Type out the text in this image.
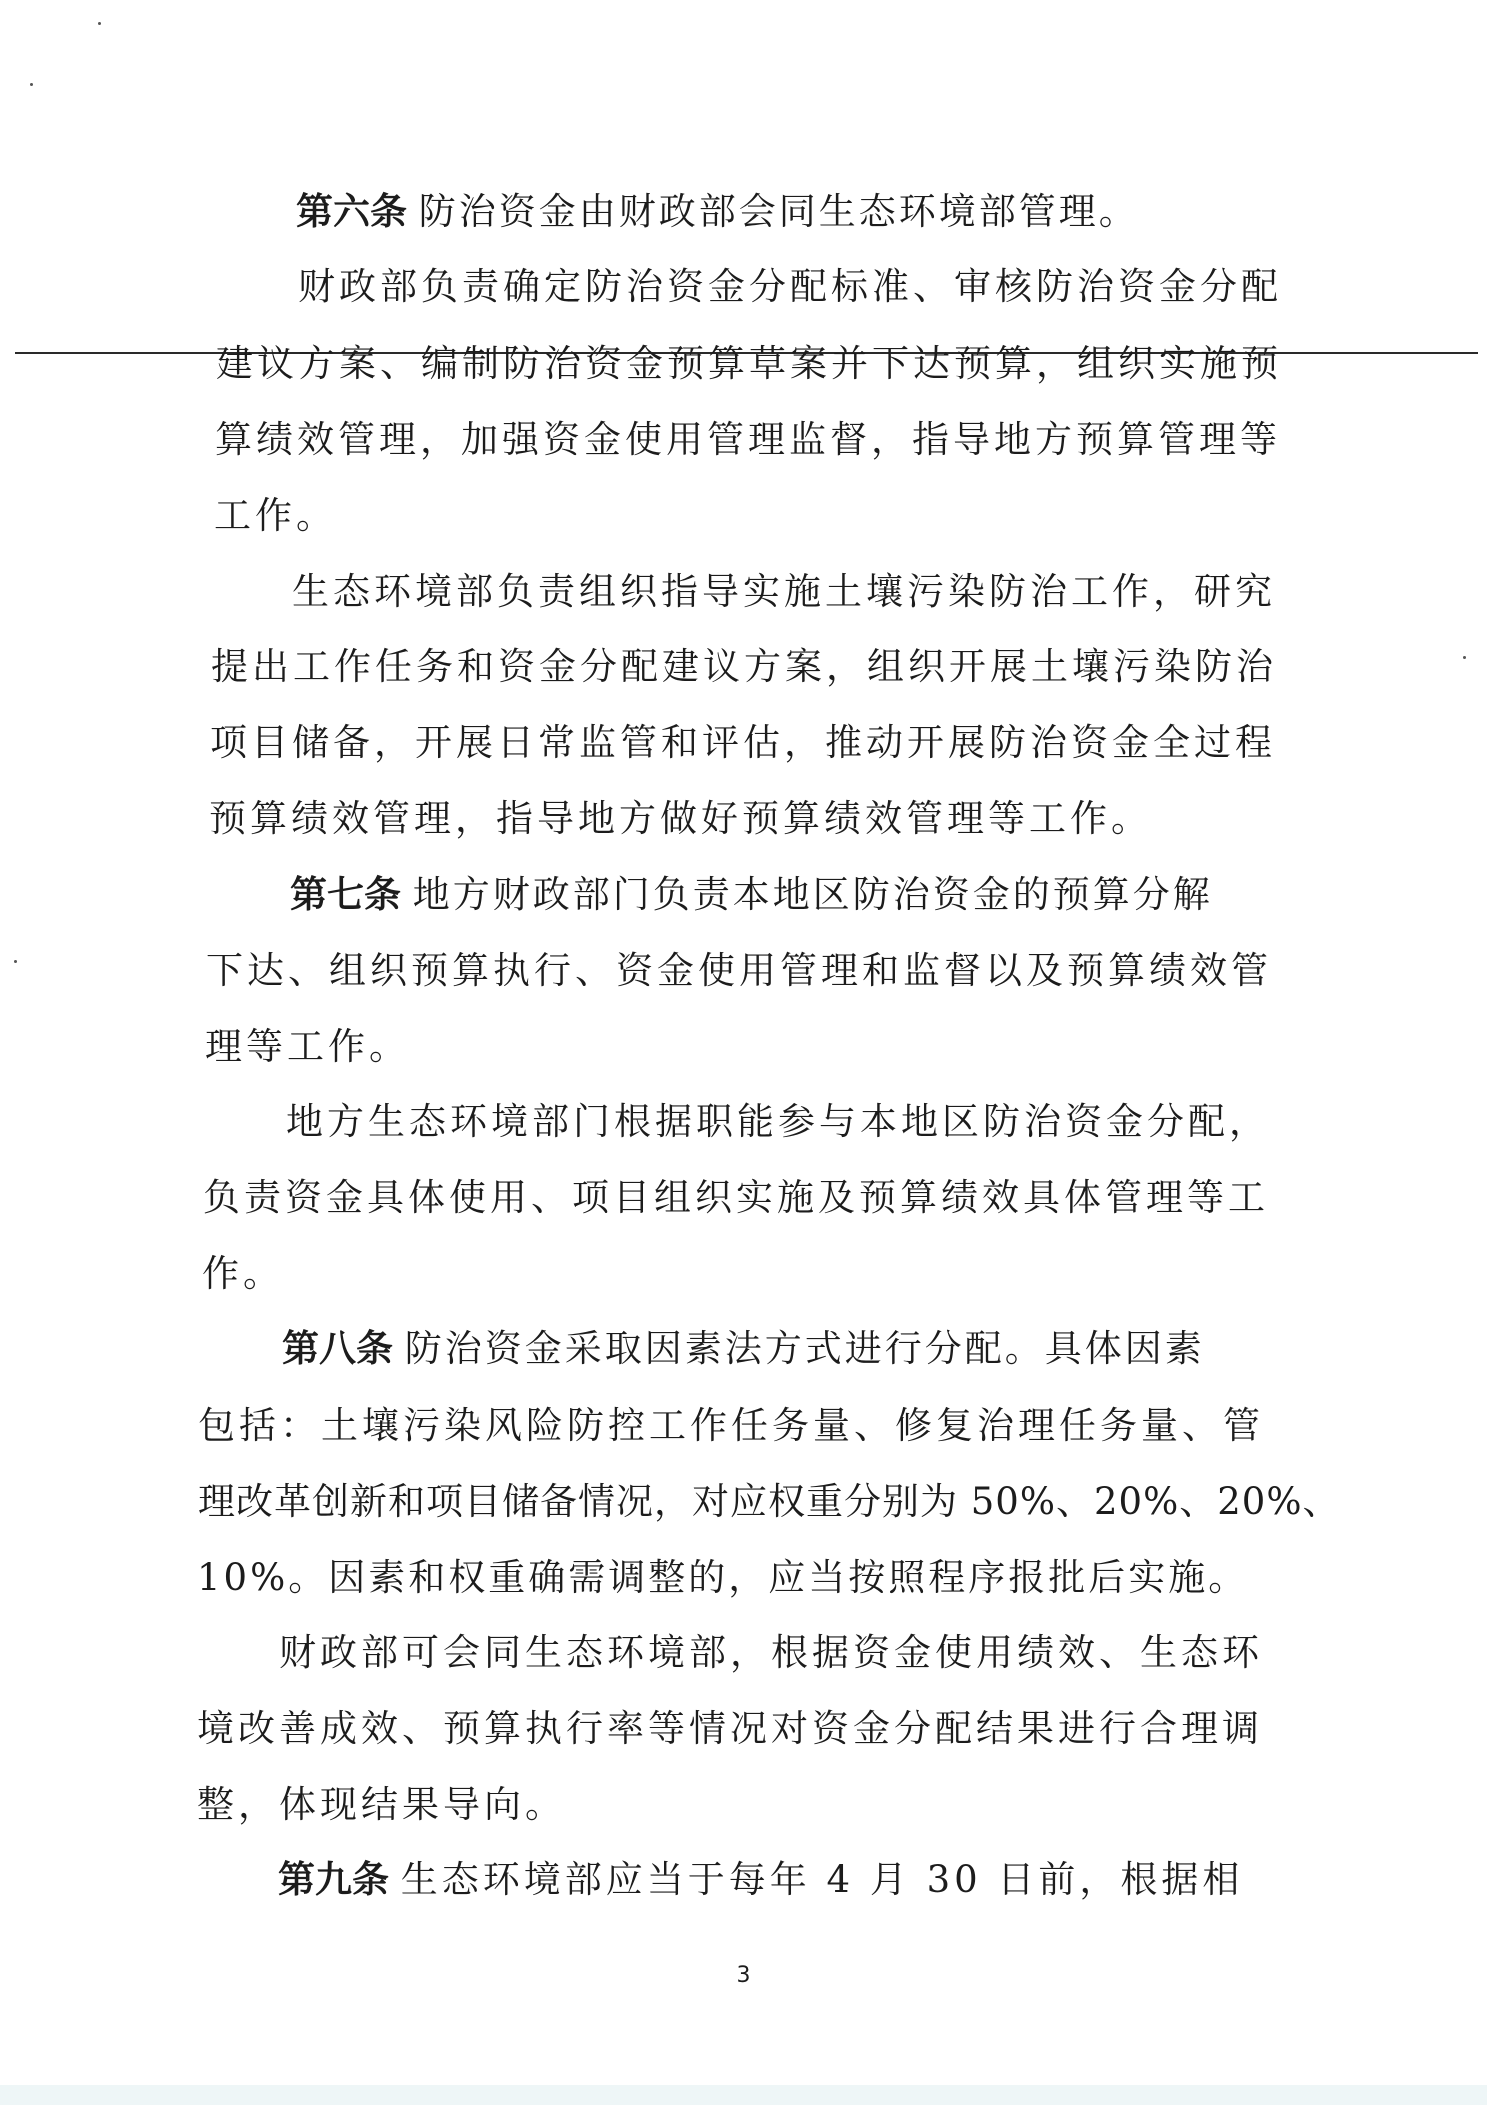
第六条 防治资金由财政部会同生态环境部管理。
财政部负责确定防治资金分配标准、审核防治资金分配
建议方案、编制防治资金预算草案并下达预算，组织实施预
算绩效管理，加强资金使用管理监督，指导地方预算管理等
工作。
生态环境部负责组织指导实施土壤污染防治工作，研究
提出工作任务和资金分配建议方案，组织开展土壤污染防治
项目储备，开展日常监管和评估，推动开展防治资金全过程
预算绩效管理，指导地方做好预算绩效管理等工作。
第七条 地方财政部门负责本地区防治资金的预算分解
下达、组织预算执行、资金使用管理和监督以及预算绩效管
理等工作。
地方生态环境部门根据职能参与本地区防治资金分配，
负责资金具体使用、项目组织实施及预算绩效具体管理等工
作。
第八条 防治资金采取因素法方式进行分配。具体因素
包括：土壤污染风险防控工作任务量、修复治理任务量、管
理改革创新和项目储备情况，对应权重分别为 50%、20%、20%、
10%。因素和权重确需调整的，应当按照程序报批后实施。
财政部可会同生态环境部，根据资金使用绩效、生态环
境改善成效、预算执行率等情况对资金分配结果进行合理调
整，体现结果导向。
第九条 生态环境部应当于每年 4 月 30 日前，根据相
3
